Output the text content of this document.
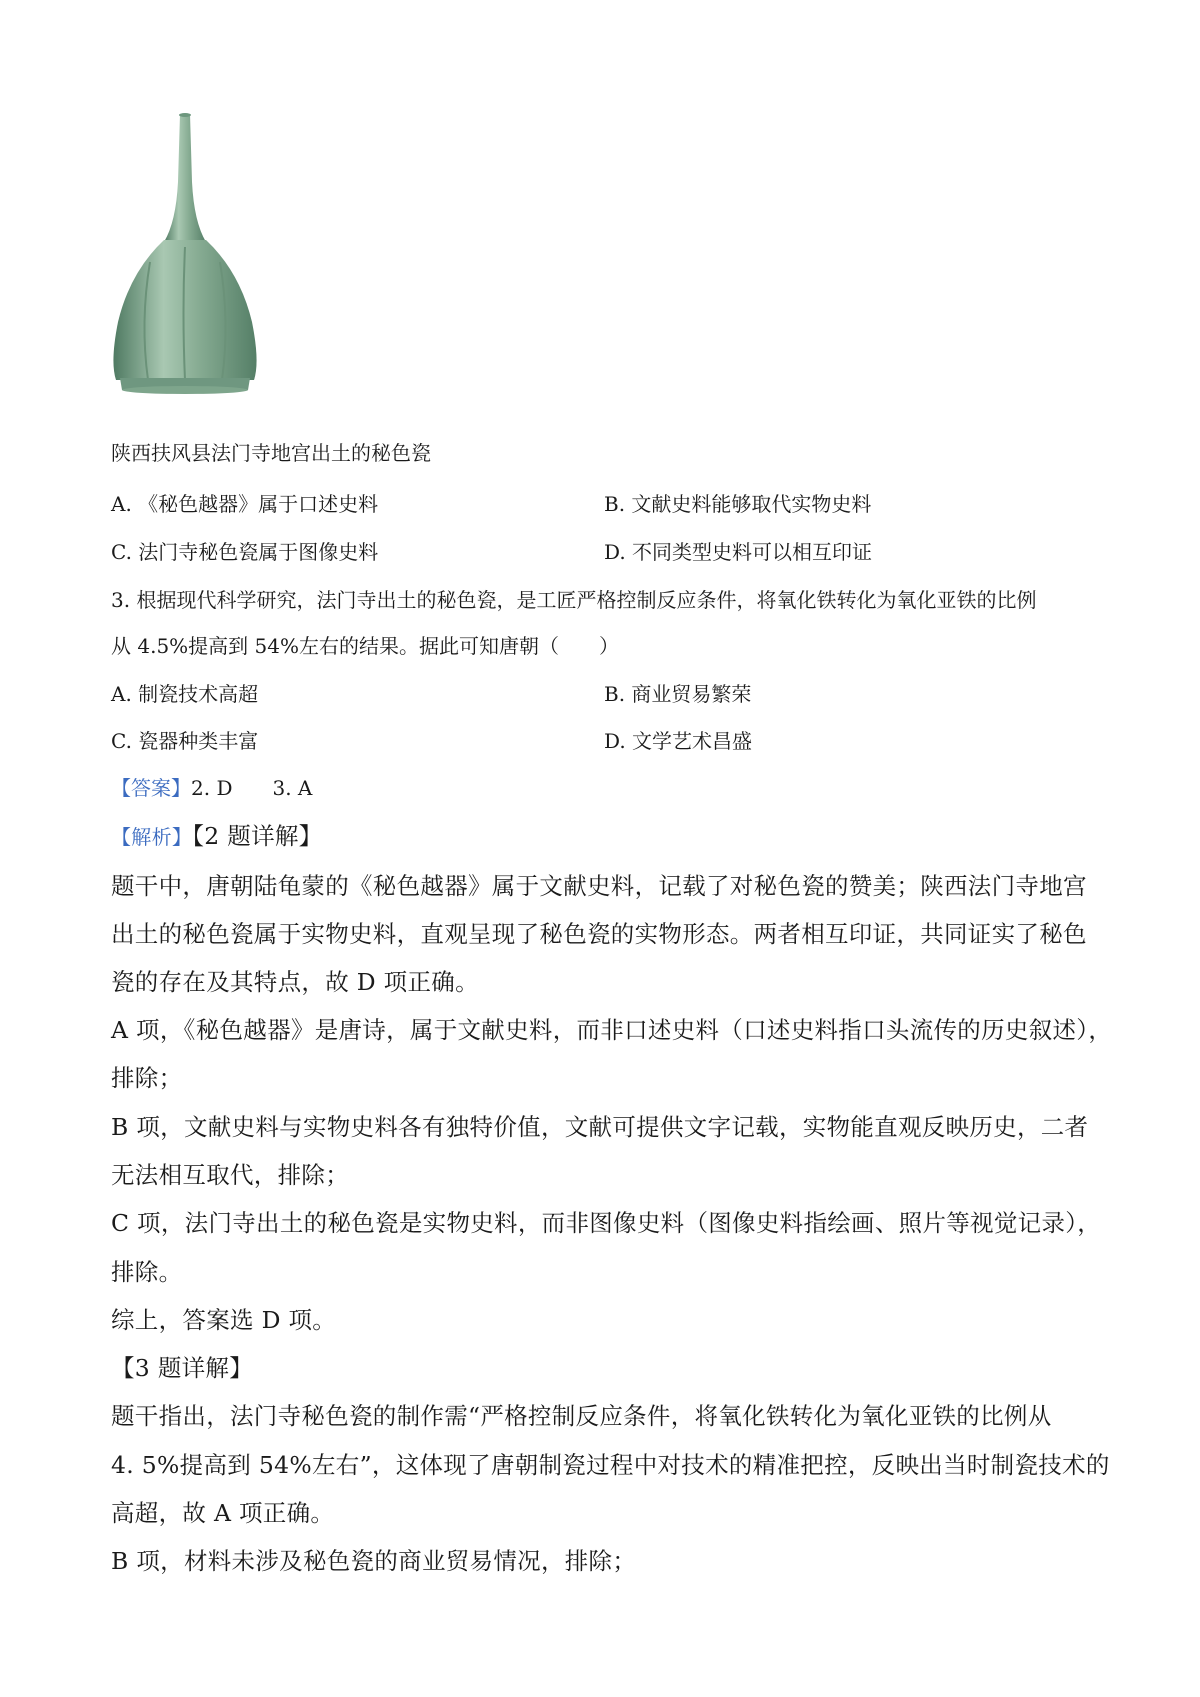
陕西扶风县法门寺地宫出土的秘色瓷
A. 《秘色越器》属于口述史料	B. 文献史料能够取代实物史料
C. 法门寺秘色瓷属于图像史料	D. 不同类型史料可以相互印证
3. 根据现代科学研究，法门寺出土的秘色瓷，是工匠严格控制反应条件，将氧化铁转化为氧化亚铁的比例
从 4.5%提高到 54%左右的结果。据此可知唐朝（　　）
A. 制瓷技术高超	B. 商业贸易繁荣
C. 瓷器种类丰富	D. 文学艺术昌盛
【答案】2. D　　3. A
【解析】【2 题详解】
题干中，唐朝陆龟蒙的《秘色越器》属于文献史料，记载了对秘色瓷的赞美；陕西法门寺地宫
出土的秘色瓷属于实物史料，直观呈现了秘色瓷的实物形态。两者相互印证，共同证实了秘色
瓷的存在及其特点，故 D 项正确。
A 项，《秘色越器》是唐诗，属于文献史料，而非口述史料（口述史料指口头流传的历史叙述），
排除；
B 项，文献史料与实物史料各有独特价值，文献可提供文字记载，实物能直观反映历史，二者
无法相互取代，排除；
C 项，法门寺出土的秘色瓷是实物史料，而非图像史料（图像史料指绘画、照片等视觉记录），
排除。
综上，答案选 D 项。
【3 题详解】
题干指出，法门寺秘色瓷的制作需“严格控制反应条件，将氧化铁转化为氧化亚铁的比例从
4. 5%提高到 54%左右”，这体现了唐朝制瓷过程中对技术的精准把控，反映出当时制瓷技术的
高超，故 A 项正确。
B 项，材料未涉及秘色瓷的商业贸易情况，排除；
